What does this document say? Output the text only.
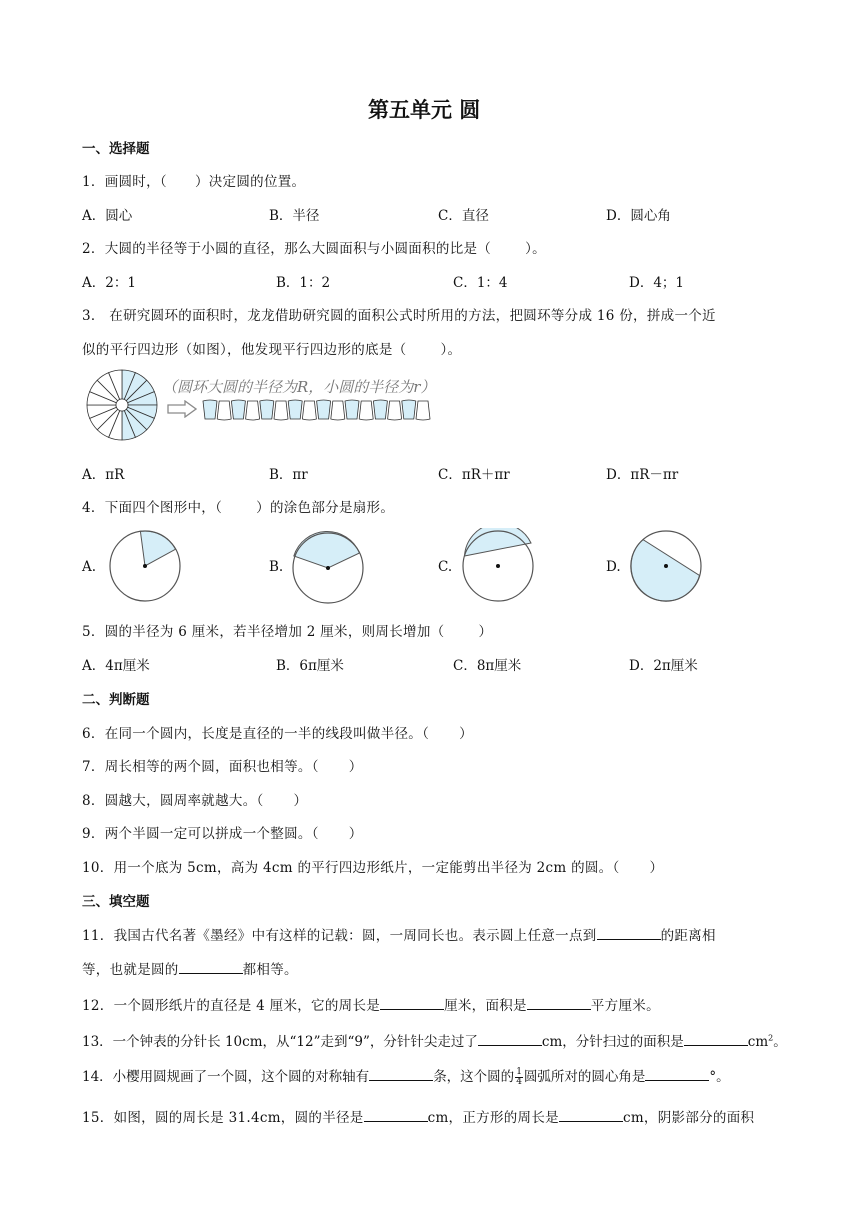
第五单元 圆
一、选择题
1．画圆时，（ ）决定圆的位置。
A．圆心	B．半径	C．直径	D．圆心角
2．大圆的半径等于小圆的直径，那么大圆面积与小圆面积的比是（	）。
A．2：1	B．1：2	C．1：4	D．4；1
3． 在研究圆环的面积时，龙龙借助研究圆的面积公式时所用的方法，把圆环等分成 16 份，拼成一个近
似的平行四边形（如图），他发现平行四边形的底是（	）。
（圆环大圆的半径为R，小圆的半径为r）
A．πR	B．πr	C．πR＋πr	D．πR－πr
4．下面四个图形中，（	）的涂色部分是扇形。
A.	B.	C.	D.
5．圆的半径为 6 厘米，若半径增加 2 厘米，则周长增加（	）
A．4π厘米	B．6π厘米	C．8π厘米	D．2π厘米
二、判断题
6．在同一个圆内，长度是直径的一半的线段叫做半径。（ ）
7．周长相等的两个圆，面积也相等。（ ）
8．圆越大，圆周率就越大。（ ）
9．两个半圆一定可以拼成一个整圆。（ ）
10．用一个底为 5cm，高为 4cm 的平行四边形纸片，一定能剪出半径为 2cm 的圆。（ ）
三、填空题
11．我国古代名著《墨经》中有这样的记载：圆，一周同长也。表示圆上任意一点到	的距离相
等，也就是圆的	都相等。
12．一个圆形纸片的直径是 4 厘米，它的周长是	厘米，面积是	平方厘米。
13．一个钟表的分针长 10cm，从“12”走到“9”，分针针尖走过了	cm，分针扫过的面积是	$cm^2$。
14．小樱用圆规画了一个圆，这个圆的对称轴有	条，这个圆的 $\frac{1}{4}$ 圆弧所对的圆心角是	°。
15．如图，圆的周长是 31.4cm，圆的半径是	cm，正方形的周长是	cm，阴影部分的面积
